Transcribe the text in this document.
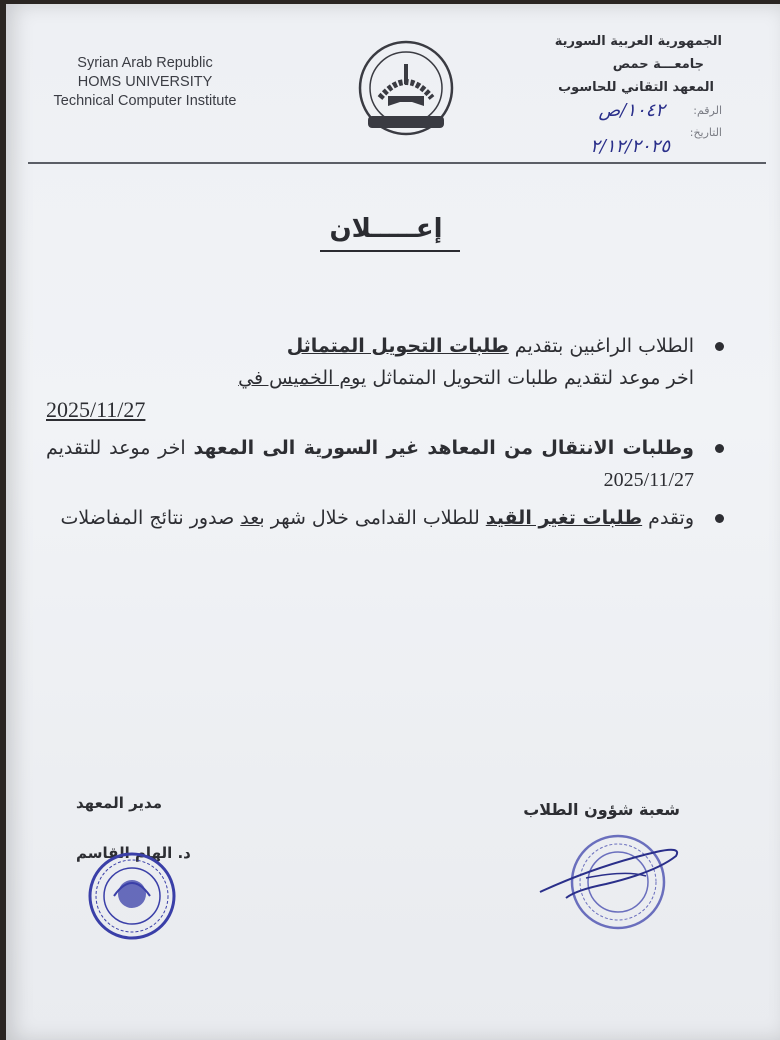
Syrian Arab Republic
HOMS UNIVERSITY
Technical Computer Institute
الجمهورية العربية السورية
جامعـــة حمص
المعهد التقاني للحاسوب
الرقم:
التاريخ:
١٠٤٢/ص
٢/١٢/٢٠٢٥
إعـــــلان

الطلاب الراغبين بتقديم طلبات التحويل المتماثل
اخر موعد لتقديم طلبات التحويل المتماثل يوم الخميس في
2025/11/27

وطلبات الانتقال من المعاهد غير السورية الى المعهد اخر موعد للتقديم 2025/11/27

وتقدم طلبات تغير القيد للطلاب القدامى خلال شهر بعد صدور نتائج المفاضلات

شعبة شؤون الطلاب
مدير المعهد
د. الهام القاسم
